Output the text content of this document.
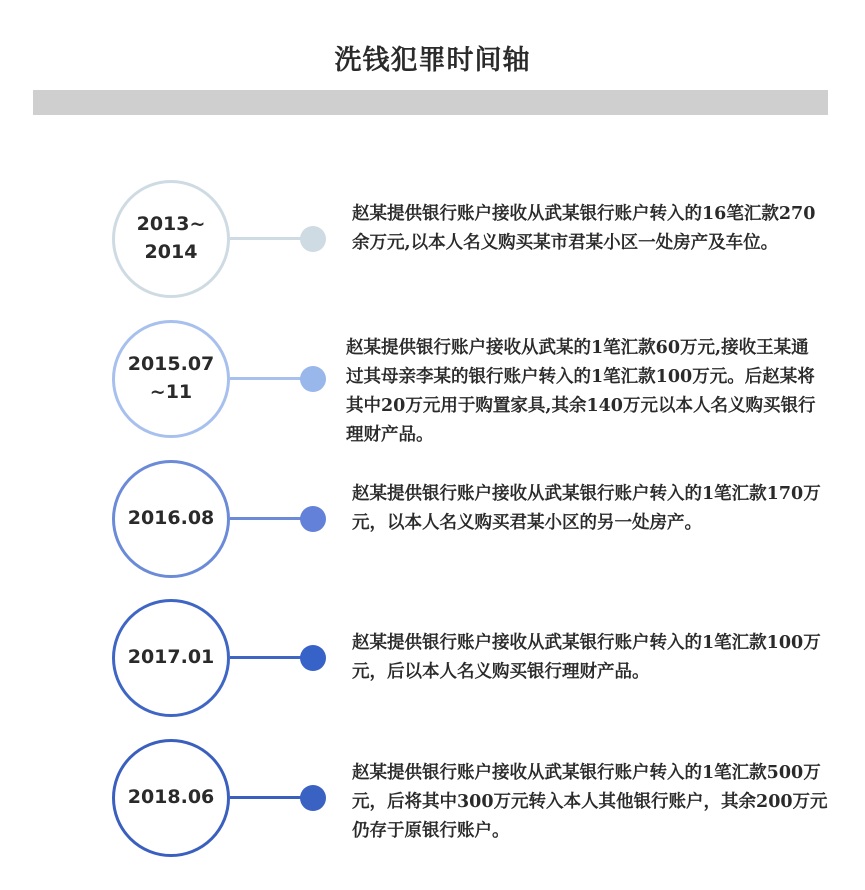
洗钱犯罪时间轴
2013~
2014
赵某提供银行账户接收从武某银行账户转入的16笔汇款270余万元,以本人名义购买某市君某小区一处房产及车位。
2015.07
~11
赵某提供银行账户接收从武某的1笔汇款60万元,接收王某通过其母亲李某的银行账户转入的1笔汇款100万元。后赵某将其中20万元用于购置家具,其余140万元以本人名义购买银行理财产品。
2016.08
赵某提供银行账户接收从武某银行账户转入的1笔汇款170万元，以本人名义购买君某小区的另一处房产。
2017.01
赵某提供银行账户接收从武某银行账户转入的1笔汇款100万元，后以本人名义购买银行理财产品。
2018.06
赵某提供银行账户接收从武某银行账户转入的1笔汇款500万元，后将其中300万元转入本人其他银行账户，其余200万元仍存于原银行账户。
